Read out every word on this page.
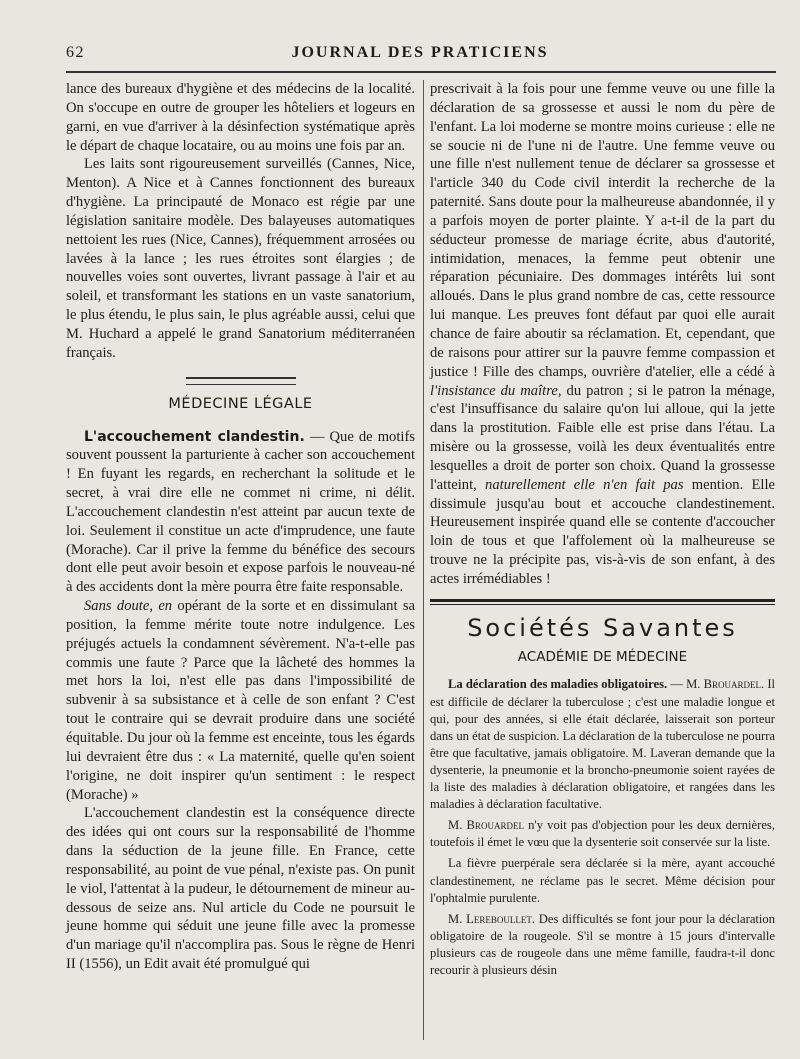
62	JOURNAL DES PRATICIENS

lance des bureaux d'hygiène et des médecins de la localité. On s'occupe en outre de grouper les hôteliers et logeurs en garni, en vue d'arriver à la désinfection systématique après le départ de chaque locataire, ou au moins une fois par an.

Les laits sont rigoureusement surveillés (Cannes, Nice, Menton). A Nice et à Cannes fonctionnent des bureaux d'hygiène. La principauté de Monaco est régie par une législation sanitaire modèle. Des balayeuses automatiques nettoient les rues (Nice, Cannes), fréquemment arrosées ou lavées à la lance ; les rues étroites sont élargies ; de nouvelles voies sont ouvertes, livrant passage à l'air et au soleil, et transformant les stations en un vaste sanatorium, le plus étendu, le plus sain, le plus agréable aussi, celui que M. Huchard a appelé le grand Sanatorium méditerranéen français.

MÉDECINE LÉGALE

L'accouchement clandestin. — Que de motifs souvent poussent la parturiente à cacher son accouchement ! En fuyant les regards, en recherchant la solitude et le secret, à vrai dire elle ne commet ni crime, ni délit. L'accouchement clandestin n'est atteint par aucun texte de loi. Seulement il constitue un acte d'imprudence, une faute (Morache). Car il prive la femme du bénéfice des secours dont elle peut avoir besoin et expose parfois le nouveau-né à des accidents dont la mère pourra être faite responsable.

Sans doute, en opérant de la sorte et en dissimulant sa position, la femme mérite toute notre indulgence. Les préjugés actuels la condamnent sévèrement. N'a-t-elle pas commis une faute ? Parce que la lâcheté des hommes la met hors la loi, n'est elle pas dans l'impossibilité de subvenir à sa subsistance et à celle de son enfant ? C'est tout le contraire qui se devrait produire dans une société équitable. Du jour où la femme est enceinte, tous les égards lui devraient être dus : « La maternité, quelle qu'en soient l'origine, ne doit inspirer qu'un sentiment : le respect (Morache) »

L'accouchement clandestin est la conséquence directe des idées qui ont cours sur la responsabilité de l'homme dans la séduction de la jeune fille. En France, cette responsabilité, au point de vue pénal, n'existe pas. On punit le viol, l'attentat à la pudeur, le détournement de mineur au-dessous de seize ans. Nul article du Code ne poursuit le jeune homme qui séduit une jeune fille avec la promesse d'un mariage qu'il n'accomplira pas. Sous le règne de Henri II (1556), un Edit avait été promulgué qui

prescrivait à la fois pour une femme veuve ou une fille la déclaration de sa grossesse et aussi le nom du père de l'enfant. La loi moderne se montre moins curieuse : elle ne se soucie ni de l'une ni de l'autre. Une femme veuve ou une fille n'est nullement tenue de déclarer sa grossesse et l'article 340 du Code civil interdit la recherche de la paternité. Sans doute pour la malheureuse abandonnée, il y a parfois moyen de porter plainte. Y a-t-il de la part du séducteur promesse de mariage écrite, abus d'autorité, intimidation, menaces, la femme peut obtenir une réparation pécuniaire. Des dommages intérêts lui sont alloués. Dans le plus grand nombre de cas, cette ressource lui manque. Les preuves font défaut par quoi elle aurait chance de faire aboutir sa réclamation. Et, cependant, que de raisons pour attirer sur la pauvre femme compassion et justice ! Fille des champs, ouvrière d'atelier, elle a cédé à l'insistance du maître, du patron ; si le patron la ménage, c'est l'insuffisance du salaire qu'on lui alloue, qui la jette dans la prostitution. Faible elle est prise dans l'étau. La misère ou la grossesse, voilà les deux éventualités entre lesquelles a droit de porter son choix. Quand la grossesse l'atteint, naturellement elle n'en fait pas mention. Elle dissimule jusqu'au bout et accouche clandestinement. Heureusement inspirée quand elle se contente d'accoucher loin de tous et que l'affolement où la malheureuse se trouve ne la précipite pas, vis-à-vis de son enfant, à des actes irrémédiables !

Sociétés Savantes
ACADÉMIE DE MÉDECINE

La déclaration des maladies obligatoires. — M. Brouardel. Il est difficile de déclarer la tuberculose ; c'est une maladie longue et qui, pour des années, si elle était déclarée, laisserait son porteur dans un état de suspicion. La déclaration de la tuberculose ne pourra être que facultative, jamais obligatoire. M. Laveran demande que la dysenterie, la pneumonie et la broncho-pneumonie soient rayées de la liste des maladies à déclaration obligatoire, et rangées dans les maladies à déclaration facultative.

M. Brouardel n'y voit pas d'objection pour les deux dernières, toutefois il émet le vœu que la dysenterie soit conservée sur la liste.

La fièvre puerpérale sera déclarée si la mère, ayant accouché clandestinement, ne réclame pas le secret. Même décision pour l'ophtalmie purulente.

M. Lereboullet. Des difficultés se font jour pour la déclaration obligatoire de la rougeole. S'il se montre à 15 jours d'intervalle plusieurs cas de rougeole dans une même famille, faudra-t-il donc recourir à plusieurs désin
